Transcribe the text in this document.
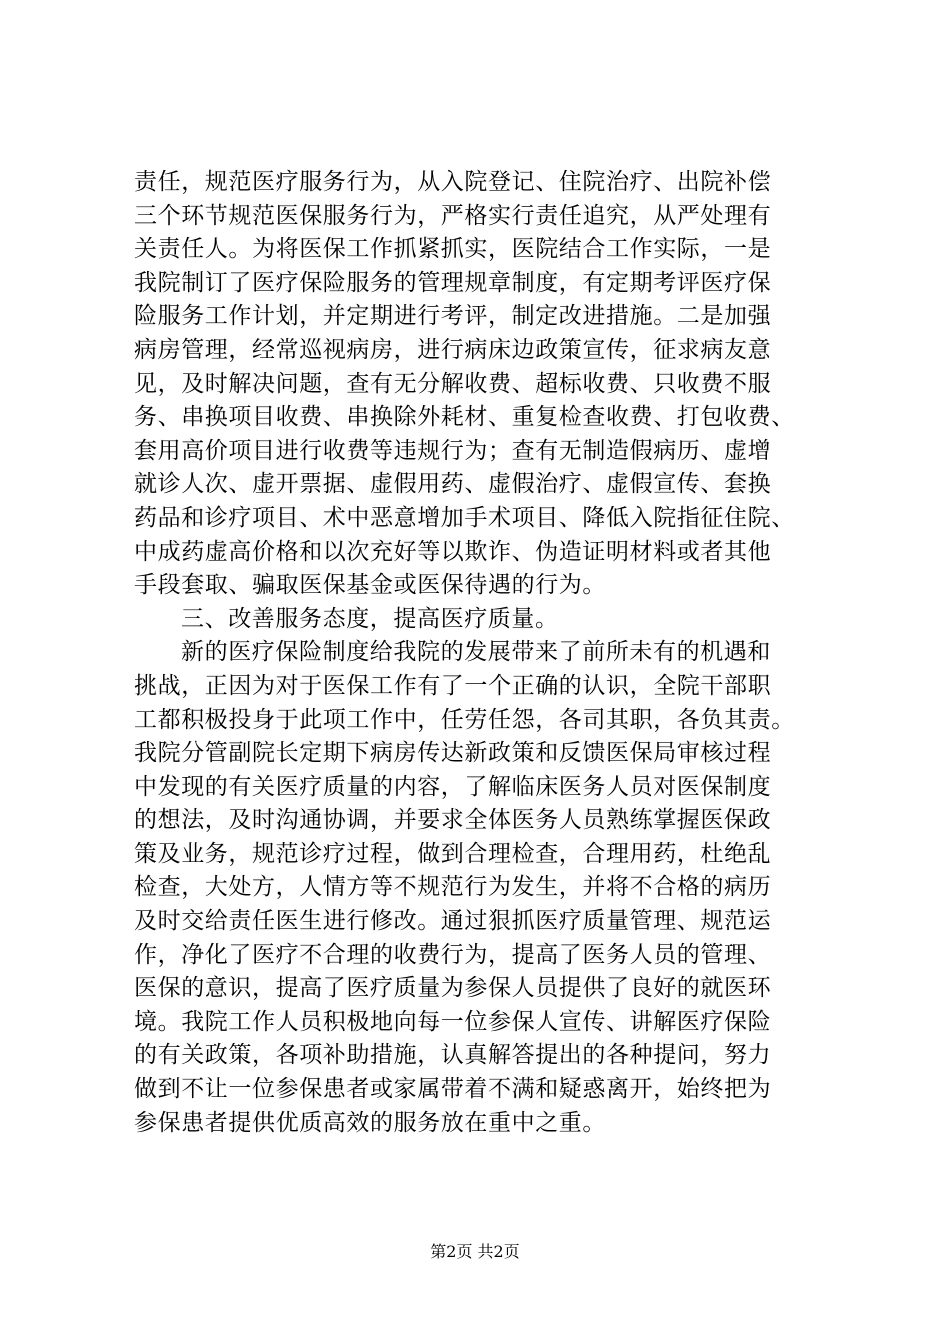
责任，规范医疗服务行为，从入院登记、住院治疗、出院补偿
三个环节规范医保服务行为，严格实行责任追究，从严处理有
关责任人。为将医保工作抓紧抓实，医院结合工作实际，一是
我院制订了医疗保险服务的管理规章制度，有定期考评医疗保
险服务工作计划，并定期进行考评，制定改进措施。二是加强
病房管理，经常巡视病房，进行病床边政策宣传，征求病友意
见，及时解决问题，查有无分解收费、超标收费、只收费不服
务、串换项目收费、串换除外耗材、重复检查收费、打包收费、
套用高价项目进行收费等违规行为；查有无制造假病历、虚增
就诊人次、虚开票据、虚假用药、虚假治疗、虚假宣传、套换
药品和诊疗项目、术中恶意增加手术项目、降低入院指征住院、
中成药虚高价格和以次充好等以欺诈、伪造证明材料或者其他
手段套取、骗取医保基金或医保待遇的行为。
三、改善服务态度，提高医疗质量。
新的医疗保险制度给我院的发展带来了前所未有的机遇和
挑战，正因为对于医保工作有了一个正确的认识，全院干部职
工都积极投身于此项工作中，任劳任怨，各司其职，各负其责。
我院分管副院长定期下病房传达新政策和反馈医保局审核过程
中发现的有关医疗质量的内容，了解临床医务人员对医保制度
的想法，及时沟通协调，并要求全体医务人员熟练掌握医保政
策及业务，规范诊疗过程，做到合理检查，合理用药，杜绝乱
检查，大处方，人情方等不规范行为发生，并将不合格的病历
及时交给责任医生进行修改。通过狠抓医疗质量管理、规范运
作，净化了医疗不合理的收费行为，提高了医务人员的管理、
医保的意识，提高了医疗质量为参保人员提供了良好的就医环
境。我院工作人员积极地向每一位参保人宣传、讲解医疗保险
的有关政策，各项补助措施，认真解答提出的各种提问，努力
做到不让一位参保患者或家属带着不满和疑惑离开，始终把为
参保患者提供优质高效的服务放在重中之重。
第2页 共2页
